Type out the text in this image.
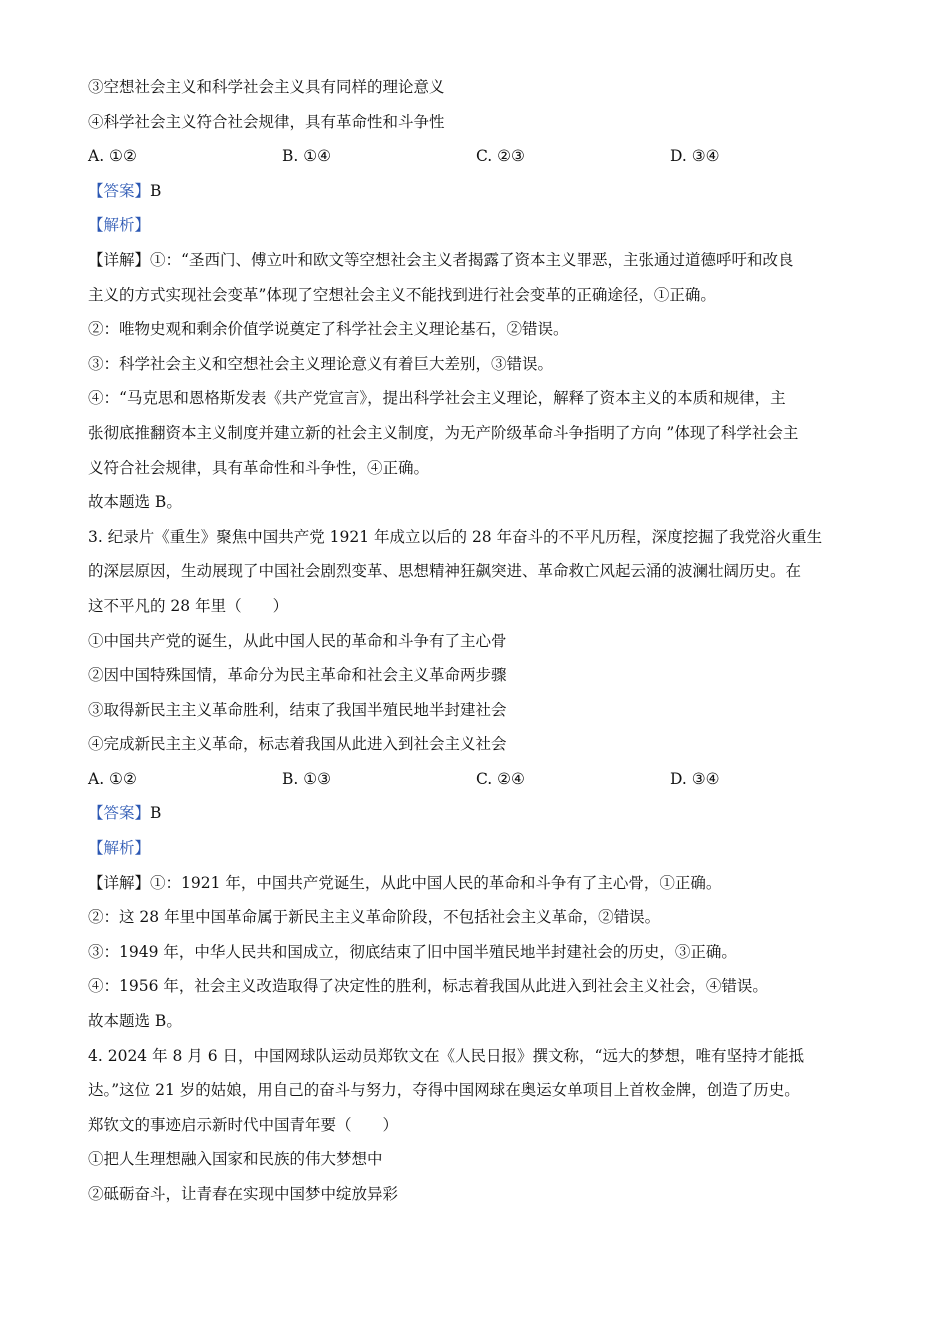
③空想社会主义和科学社会主义具有同样的理论意义
④科学社会主义符合社会规律，具有革命性和斗争性
A. ①②	B. ①④	C. ②③	D. ③④
【答案】B
【解析】
【详解】①：“圣西门、傅立叶和欧文等空想社会主义者揭露了资本主义罪恶，主张通过道德呼吁和改良
主义的方式实现社会变革”体现了空想社会主义不能找到进行社会变革的正确途径，①正确。
②：唯物史观和剩余价值学说奠定了科学社会主义理论基石，②错误。
③：科学社会主义和空想社会主义理论意义有着巨大差别，③错误。
④：“马克思和恩格斯发表《共产党宣言》，提出科学社会主义理论，解释了资本主义的本质和规律，主
张彻底推翻资本主义制度并建立新的社会主义制度，为无产阶级革命斗争指明了方向 ”体现了科学社会主
义符合社会规律，具有革命性和斗争性，④正确。
故本题选 B。
3. 纪录片《重生》聚焦中国共产党 1921 年成立以后的 28 年奋斗的不平凡历程，深度挖掘了我党浴火重生
的深层原因，生动展现了中国社会剧烈变革、思想精神狂飙突进、革命救亡风起云涌的波澜壮阔历史。在
这不平凡的 28 年里（　　）
①中国共产党的诞生，从此中国人民的革命和斗争有了主心骨
②因中国特殊国情，革命分为民主革命和社会主义革命两步骤
③取得新民主主义革命胜利，结束了我国半殖民地半封建社会
④完成新民主主义革命，标志着我国从此进入到社会主义社会
A. ①②	B. ①③	C. ②④	D. ③④
【答案】B
【解析】
【详解】①：1921 年，中国共产党诞生，从此中国人民的革命和斗争有了主心骨，①正确。
②：这 28 年里中国革命属于新民主主义革命阶段，不包括社会主义革命，②错误。
③：1949 年，中华人民共和国成立，彻底结束了旧中国半殖民地半封建社会的历史，③正确。
④：1956 年，社会主义改造取得了决定性的胜利，标志着我国从此进入到社会主义社会，④错误。
故本题选 B。
4. 2024 年 8 月 6 日，中国网球队运动员郑钦文在《人民日报》撰文称，“远大的梦想，唯有坚持才能抵
达。”这位 21 岁的姑娘，用自己的奋斗与努力，夺得中国网球在奥运女单项目上首枚金牌，创造了历史。
郑钦文的事迹启示新时代中国青年要（　　）
①把人生理想融入国家和民族的伟大梦想中
②砥砺奋斗，让青春在实现中国梦中绽放异彩
